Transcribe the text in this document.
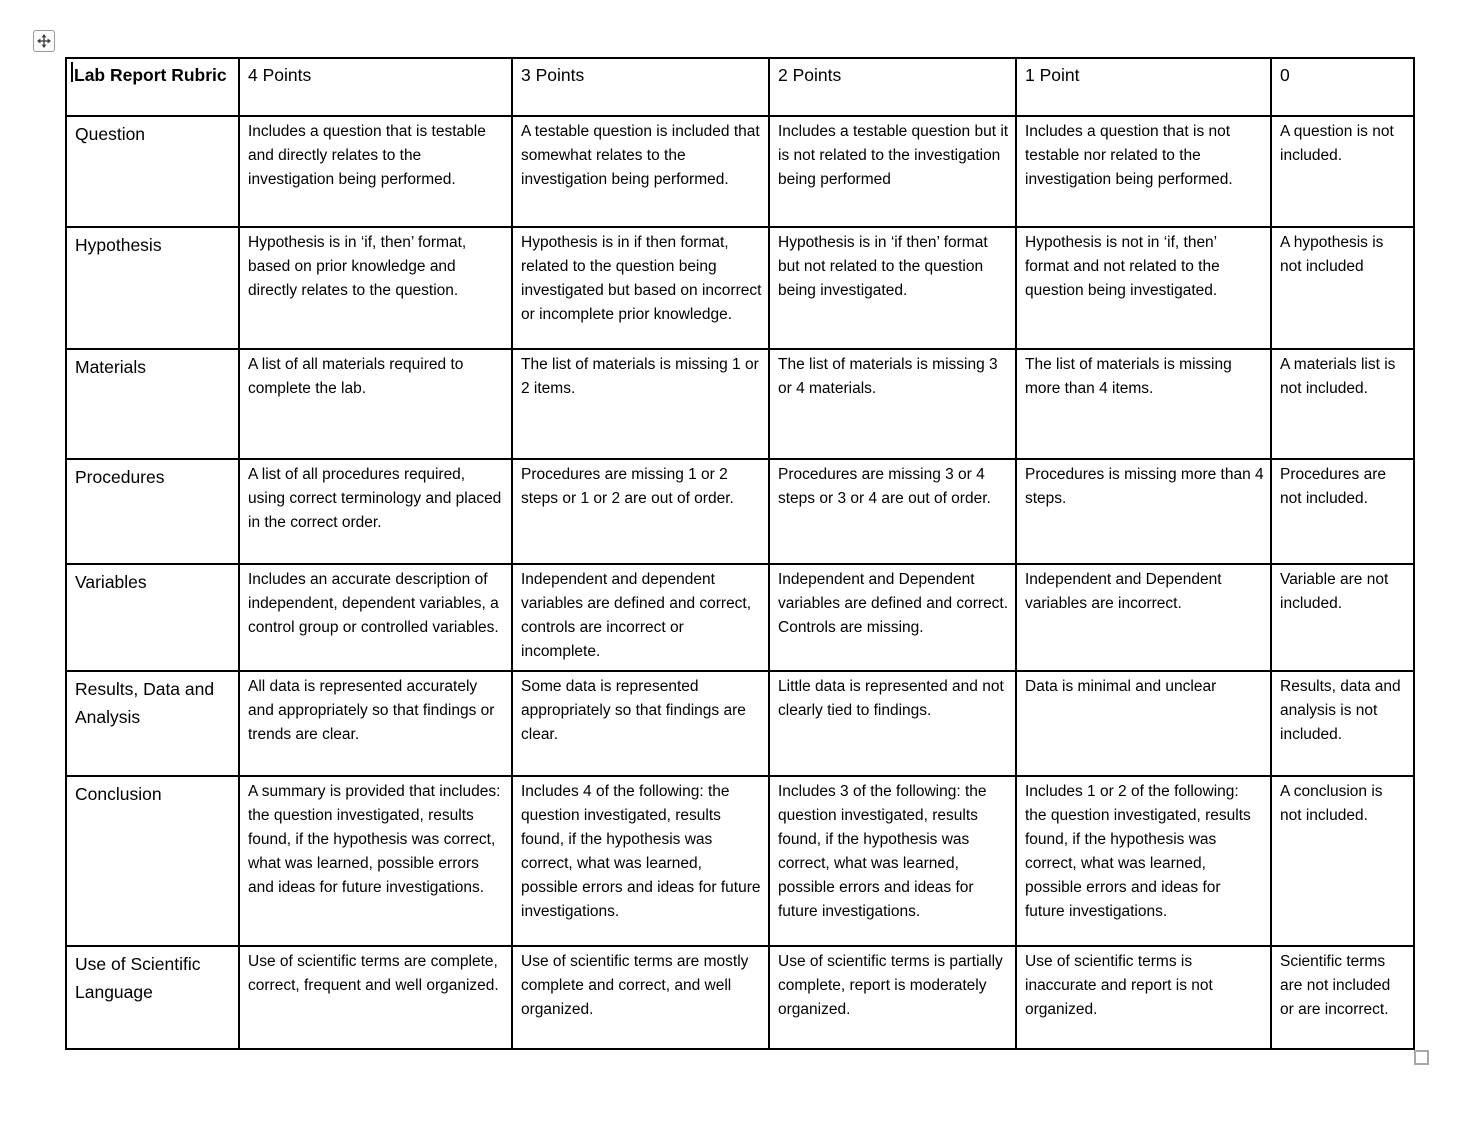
Lab Report Rubric	4 Points	3 Points	2 Points	1 Point	0
Question	Includes a question that is testable and directly relates to the investigation being performed.	A testable question is included that somewhat relates to the investigation being performed.	Includes a testable question but it is not related to the investigation being performed	Includes a question that is not testable nor related to the investigation being performed.	A question is not included.
Hypothesis	Hypothesis is in ‘if, then’ format, based on prior knowledge and directly relates to the question.	Hypothesis is in if then format, related to the question being investigated but based on incorrect or incomplete prior knowledge.	Hypothesis is in ‘if then’ format but not related to the question being investigated.	Hypothesis is not in ‘if, then’ format and not related to the question being investigated.	A hypothesis is not included
Materials	A list of all materials required to complete the lab.	The list of materials is missing 1 or 2 items.	The list of materials is missing 3 or 4 materials.	The list of materials is missing more than 4 items.	A materials list is not included.
Procedures	A list of all procedures required, using correct terminology and placed in the correct order.	Procedures are missing 1 or 2 steps or 1 or 2 are out of order.	Procedures are missing 3 or 4 steps or 3 or 4 are out of order.	Procedures is missing more than 4 steps.	Procedures are not included.
Variables	Includes an accurate description of independent, dependent variables, a control group or controlled variables.	Independent and dependent variables are defined and correct, controls are incorrect or incomplete.	Independent and Dependent variables are defined and correct. Controls are missing.	Independent and Dependent variables are incorrect.	Variable are not included.
Results, Data and Analysis	All data is represented accurately and appropriately so that findings or trends are clear.	Some data is represented appropriately so that findings are clear.	Little data is represented and not clearly tied to findings.	Data is minimal and unclear	Results, data and analysis is not included.
Conclusion	A summary is provided that includes: the question investigated, results found, if the hypothesis was correct, what was learned, possible errors and ideas for future investigations.	Includes 4 of the following: the question investigated, results found, if the hypothesis was correct, what was learned, possible errors and ideas for future investigations.	Includes 3 of the following: the question investigated, results found, if the hypothesis was correct, what was learned, possible errors and ideas for future investigations.	Includes 1 or 2 of the following: the question investigated, results found, if the hypothesis was correct, what was learned, possible errors and ideas for future investigations.	A conclusion is not included.
Use of Scientific Language	Use of scientific terms are complete, correct, frequent and well organized.	Use of scientific terms are mostly complete and correct, and well organized.	Use of scientific terms is partially complete, report is moderately organized.	Use of scientific terms is inaccurate and report is not organized.	Scientific terms are not included or are incorrect.
